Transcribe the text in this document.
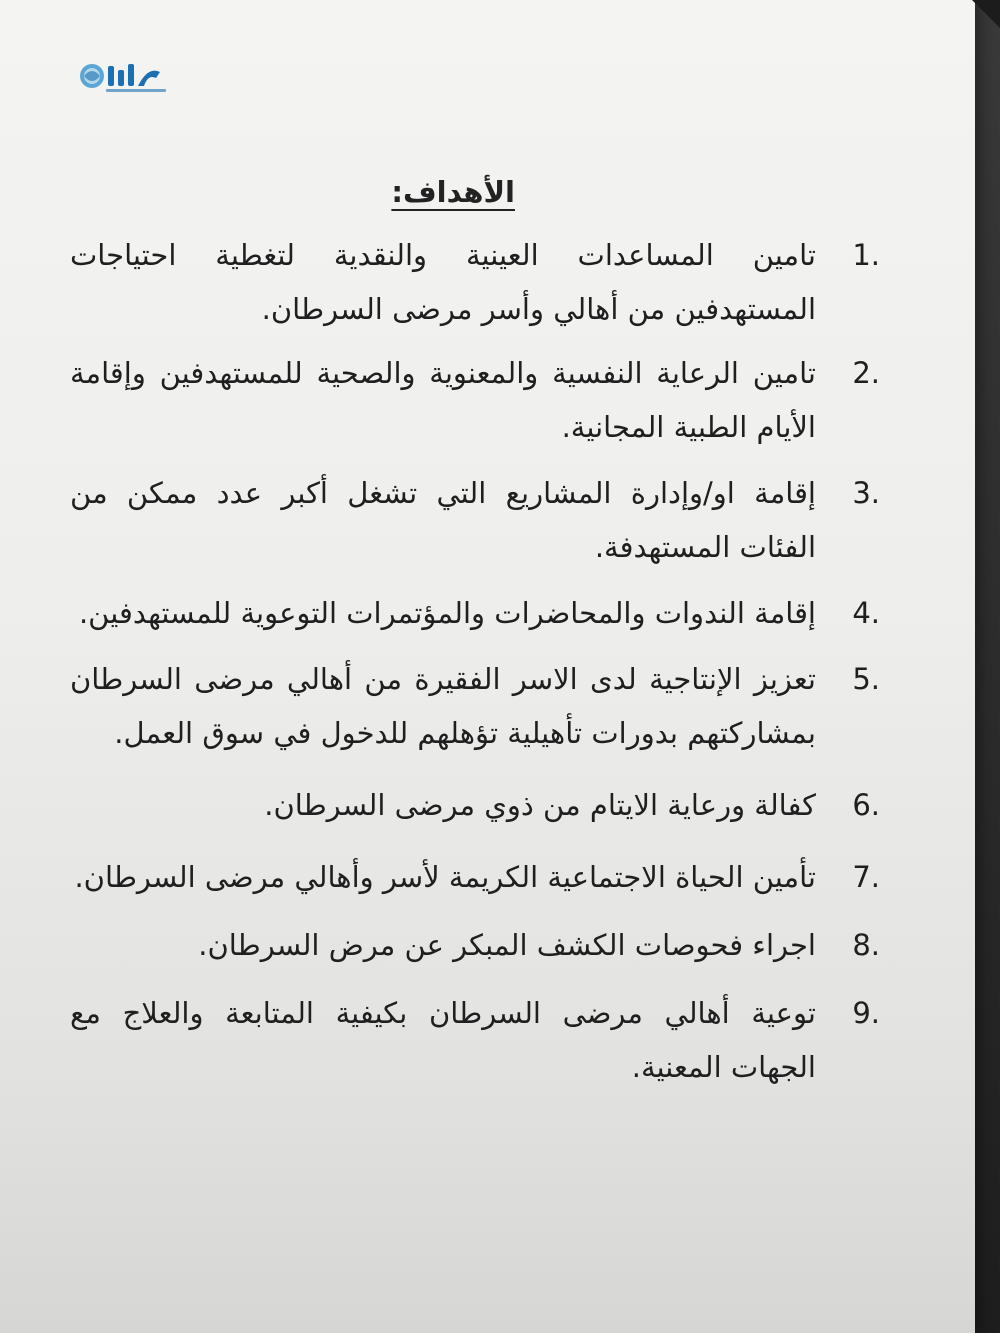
الأهداف:
1.
تامين المساعدات العينية والنقدية لتغطية احتياجات المستهدفين من أهالي وأسر مرضى السرطان.
2.
تامين الرعاية النفسية والمعنوية والصحية للمستهدفين وإقامة الأيام الطبية المجانية.
3.
إقامة او/وإدارة المشاريع التي تشغل أكبر عدد ممكن من الفئات المستهدفة.
4.
إقامة الندوات والمحاضرات والمؤتمرات التوعوية للمستهدفين.
5.
تعزيز الإنتاجية لدى الاسر الفقيرة من أهالي مرضى السرطان بمشاركتهم بدورات تأهيلية تؤهلهم للدخول في سوق العمل.
6.
كفالة ورعاية الايتام من ذوي مرضى السرطان.
7.
تأمين الحياة الاجتماعية الكريمة لأسر وأهالي مرضى السرطان.
8.
اجراء فحوصات الكشف المبكر عن مرض السرطان.
9.
توعية أهالي مرضى السرطان بكيفية المتابعة والعلاج مع الجهات المعنية.
